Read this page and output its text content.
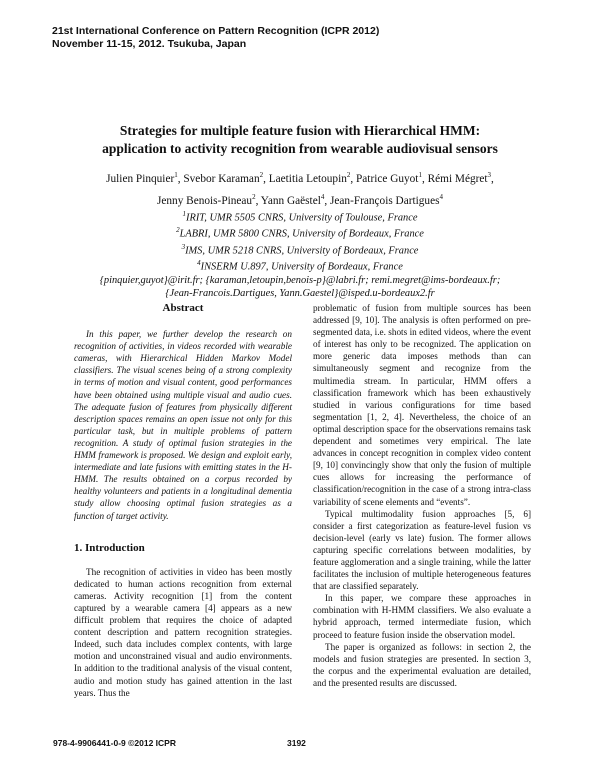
21st International Conference on Pattern Recognition (ICPR 2012)
November 11-15, 2012. Tsukuba, Japan
Strategies for multiple feature fusion with Hierarchical HMM:
application to activity recognition from wearable audiovisual sensors
Julien Pinquier$^1$, Svebor Karaman$^2$, Laetitia Letoupin$^2$, Patrice Guyot$^1$, Rémi Mégret$^3$,
Jenny Benois-Pineau$^2$, Yann Gaëstel$^4$, Jean-François Dartigues$^4$
$^1$IRIT, UMR 5505 CNRS, University of Toulouse, France
$^2$LABRI, UMR 5800 CNRS, University of Bordeaux, France
$^3$IMS, UMR 5218 CNRS, University of Bordeaux, France
$^4$INSERM U.897, University of Bordeaux, France
{pinquier,guyot}@irit.fr; {karaman,letoupin,benois-p}@labri.fr; remi.megret@ims-bordeaux.fr;
{Jean-Francois.Dartigues, Yann.Gaestel}@isped.u-bordeaux2.fr
Abstract

In this paper, we further develop the research on recognition of activities, in videos recorded with wearable cameras, with Hierarchical Hidden Markov Model classifiers. The visual scenes being of a strong complexity in terms of motion and visual content, good performances have been obtained using multiple visual and audio cues. The adequate fusion of features from physically different description spaces remains an open issue not only for this particular task, but in multiple problems of pattern recognition. A study of optimal fusion strategies in the HMM framework is proposed. We design and exploit early, intermediate and late fusions with emitting states in the H-HMM. The results obtained on a corpus recorded by healthy volunteers and patients in a longitudinal dementia study allow choosing optimal fusion strategies as a function of target activity.

1. Introduction

The recognition of activities in video has been mostly dedicated to human actions recognition from external cameras. Activity recognition [1] from the content captured by a wearable camera [4] appears as a new difficult problem that requires the choice of adapted content description and pattern recognition strategies. Indeed, such data includes complex contents, with large motion and unconstrained visual and audio environments. In addition to the traditional analysis of the visual content, audio and motion study has gained attention in the last years. Thus the

problematic of fusion from multiple sources has been addressed [9, 10]. The analysis is often performed on pre-segmented data, i.e. shots in edited videos, where the event of interest has only to be recognized. The application on more generic data imposes methods than can simultaneously segment and recognize from the multimedia stream. In particular, HMM offers a classification framework which has been exhaustively studied in various configurations for time based segmentation [1, 2, 4]. Nevertheless, the choice of an optimal description space for the observations remains task dependent and sometimes very empirical. The late advances in concept recognition in complex video content [9, 10] convincingly show that only the fusion of multiple cues allows for increasing the performance of classification/recognition in the case of a strong intra-class variability of scene elements and “events”.

Typical multimodality fusion approaches [5, 6] consider a first categorization as feature-level fusion vs decision-level (early vs late) fusion. The former allows capturing specific correlations between modalities, by feature agglomeration and a single training, while the latter facilitates the inclusion of multiple heterogeneous features that are classified separately.

In this paper, we compare these approaches in combination with H-HMM classifiers. We also evaluate a hybrid approach, termed intermediate fusion, which proceed to feature fusion inside the observation model.

The paper is organized as follows: in section 2, the models and fusion strategies are presented. In section 3, the corpus and the experimental evaluation are detailed, and the presented results are discussed.

978-4-9906441-0-9 ©2012 ICPR	3192
